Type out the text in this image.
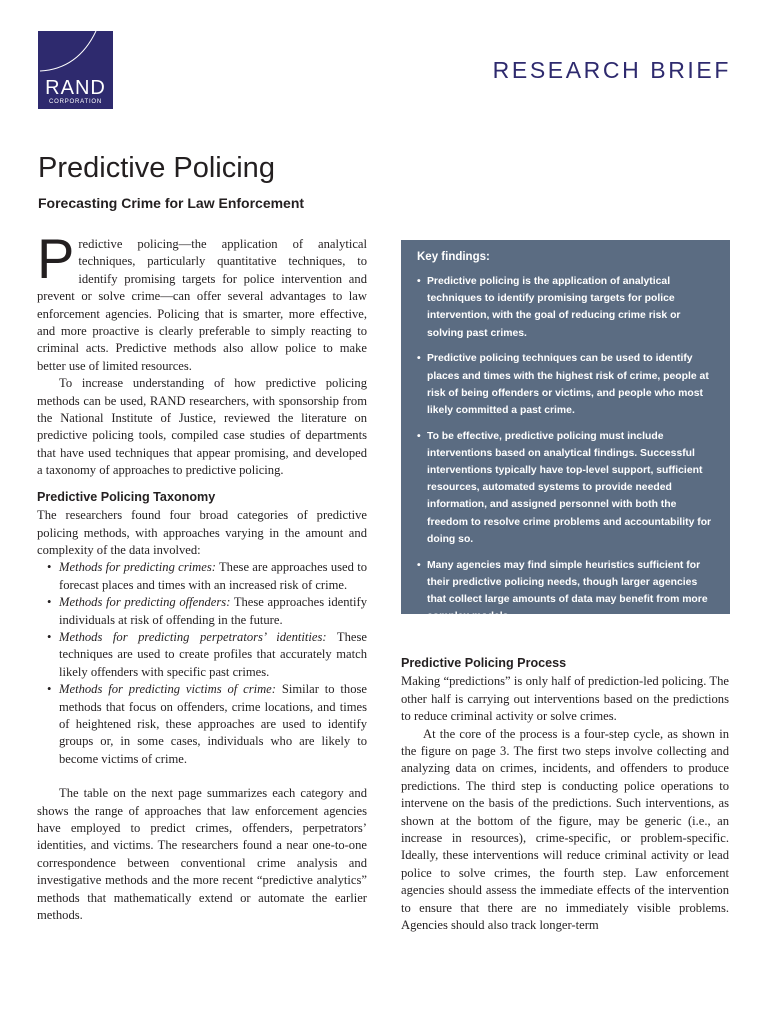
RAND
CORPORATION
RESEARCH BRIEF
Predictive Policing
Forecasting Crime for Law Enforcement

Predictive policing—the application of analytical techniques, particularly quantitative techniques, to identify promising targets for police intervention and prevent or solve crime—can offer several advantages to law enforcement agencies. Policing that is smarter, more effective, and more proactive is clearly preferable to simply reacting to criminal acts. Predictive methods also allow police to make better use of limited resources.

To increase understanding of how predictive policing methods can be used, RAND researchers, with sponsorship from the National Institute of Justice, reviewed the literature on predictive policing tools, compiled case studies of departments that have used techniques that appear promising, and developed a taxonomy of approaches to predictive policing.

Predictive Policing Taxonomy

The researchers found four broad categories of predictive policing methods, with approaches varying in the amount and complexity of the data involved:

• Methods for predicting crimes: These are approaches used to forecast places and times with an increased risk of crime.
• Methods for predicting offenders: These approaches identify individuals at risk of offending in the future.
• Methods for predicting perpetrators’ identities: These techniques are used to create profiles that accurately match likely offenders with specific past crimes.
• Methods for predicting victims of crime: Similar to those methods that focus on offenders, crime locations, and times of heightened risk, these approaches are used to identify groups or, in some cases, individuals who are likely to become victims of crime.

The table on the next page summarizes each category and shows the range of approaches that law enforcement agencies have employed to predict crimes, offenders, perpetrators’ identities, and victims. The researchers found a near one-to-one correspondence between conventional crime analysis and investigative methods and the more recent “predictive analytics” methods that mathematically extend or automate the earlier methods.

Key findings:
• Predictive policing is the application of analytical techniques to identify promising targets for police intervention, with the goal of reducing crime risk or solving past crimes.
• Predictive policing techniques can be used to identify places and times with the highest risk of crime, people at risk of being offenders or victims, and people who most likely committed a past crime.
• To be effective, predictive policing must include interventions based on analytical findings. Successful interventions typically have top-level support, sufficient resources, automated systems to provide needed information, and assigned personnel with both the freedom to resolve crime problems and accountability for doing so.
• Many agencies may find simple heuristics sufficient for their predictive policing needs, though larger agencies that collect large amounts of data may benefit from more complex models.
Predictive Policing Process

Making “predictions” is only half of prediction-led policing. The other half is carrying out interventions based on the predictions to reduce criminal activity or solve crimes.

At the core of the process is a four-step cycle, as shown in the figure on page 3. The first two steps involve collecting and analyzing data on crimes, incidents, and offenders to produce predictions. The third step is conducting police operations to intervene on the basis of the predictions. Such interventions, as shown at the bottom of the figure, may be generic (i.e., an increase in resources), crime-specific, or problem-specific. Ideally, these interventions will reduce criminal activity or lead police to solve crimes, the fourth step. Law enforcement agencies should assess the immediate effects of the intervention to ensure that there are no immediately visible problems. Agencies should also track longer-term
